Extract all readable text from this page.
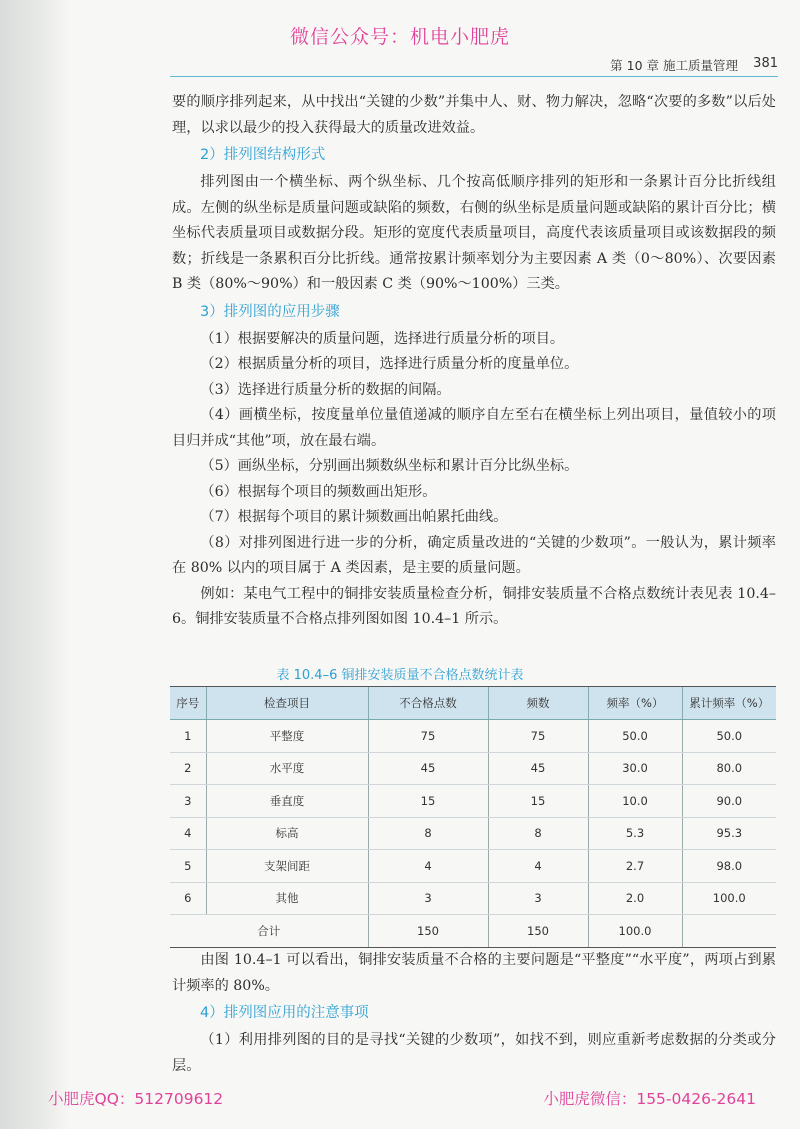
微信公众号：机电小肥虎
第 10 章 施工质量管理 381

要的顺序排列起来，从中找出“关键的少数”并集中人、财、物力解决，忽略“次要的多数”以后处理，以求以最少的投入获得最大的质量改进效益。

2）排列图结构形式

排列图由一个横坐标、两个纵坐标、几个按高低顺序排列的矩形和一条累计百分比折线组成。左侧的纵坐标是质量问题或缺陷的频数，右侧的纵坐标是质量问题或缺陷的累计百分比；横坐标代表质量项目或数据分段。矩形的宽度代表质量项目，高度代表该质量项目或该数据段的频数；折线是一条累积百分比折线。通常按累计频率划分为主要因素 A 类（0～80%）、次要因素 B 类（80%～90%）和一般因素 C 类（90%～100%）三类。

3）排列图的应用步骤

（1）根据要解决的质量问题，选择进行质量分析的项目。

（2）根据质量分析的项目，选择进行质量分析的度量单位。

（3）选择进行质量分析的数据的间隔。

（4）画横坐标，按度量单位量值递减的顺序自左至右在横坐标上列出项目，量值较小的项目归并成“其他”项，放在最右端。

（5）画纵坐标，分别画出频数纵坐标和累计百分比纵坐标。

（6）根据每个项目的频数画出矩形。

（7）根据每个项目的累计频数画出帕累托曲线。

（8）对排列图进行进一步的分析，确定质量改进的“关键的少数项”。一般认为，累计频率在 80% 以内的项目属于 A 类因素，是主要的质量问题。

例如：某电气工程中的铜排安装质量检查分析，铜排安装质量不合格点数统计表见表 10.4–6。铜排安装质量不合格点排列图如图 10.4–1 所示。

表 10.4–6 铜排安装质量不合格点数统计表
序号	检查项目	不合格点数	频数	频率（%）	累计频率（%）
1	平整度	75	75	50.0	50.0
2	水平度	45	45	30.0	80.0
3	垂直度	15	15	10.0	90.0
4	标高	8	8	5.3	95.3
5	支架间距	4	4	2.7	98.0
6	其他	3	3	2.0	100.0
合计		150	150	100.0	

由图 10.4–1 可以看出，铜排安装质量不合格的主要问题是“平整度”“水平度”，两项占到累计频率的 80%。

4）排列图应用的注意事项

（1）利用排列图的目的是寻找“关键的少数项”，如找不到，则应重新考虑数据的分类或分层。

小肥虎QQ：512709612	小肥虎微信：155-0426-2641
